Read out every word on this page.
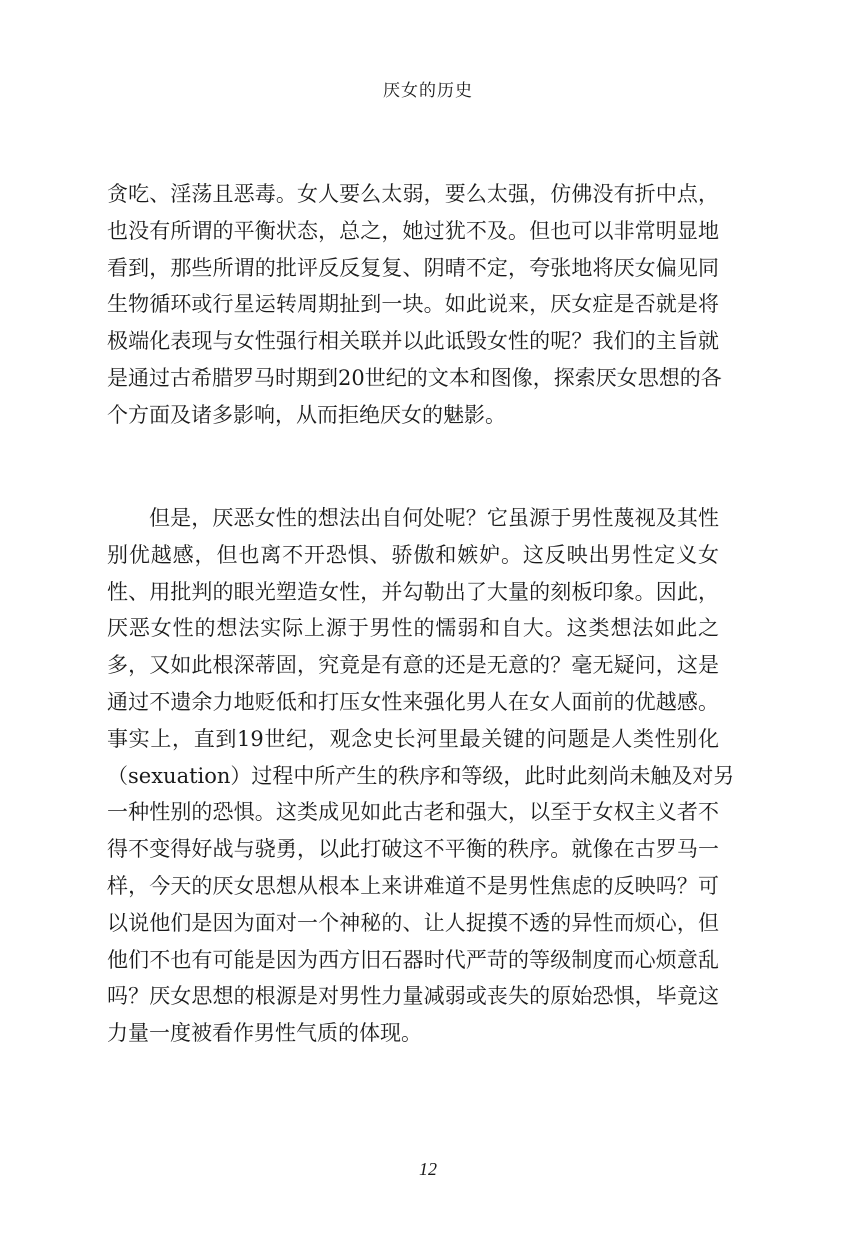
厌女的历史
贪吃、淫荡且恶毒。女人要么太弱，要么太强，仿佛没有折中点，
也没有所谓的平衡状态，总之，她过犹不及。但也可以非常明显地
看到，那些所谓的批评反反复复、阴晴不定，夸张地将厌女偏见同
生物循环或行星运转周期扯到一块。如此说来，厌女症是否就是将
极端化表现与女性强行相关联并以此诋毁女性的呢？我们的主旨就
是通过古希腊罗马时期到20世纪的文本和图像，探索厌女思想的各
个方面及诸多影响，从而拒绝厌女的魅影。
但是，厌恶女性的想法出自何处呢？它虽源于男性蔑视及其性
别优越感，但也离不开恐惧、骄傲和嫉妒。这反映出男性定义女
性、用批判的眼光塑造女性，并勾勒出了大量的刻板印象。因此，
厌恶女性的想法实际上源于男性的懦弱和自大。这类想法如此之
多，又如此根深蒂固，究竟是有意的还是无意的？毫无疑问，这是
通过不遗余力地贬低和打压女性来强化男人在女人面前的优越感。
事实上，直到19世纪，观念史长河里最关键的问题是人类性别化
（sexuation）过程中所产生的秩序和等级，此时此刻尚未触及对另
一种性别的恐惧。这类成见如此古老和强大，以至于女权主义者不
得不变得好战与骁勇，以此打破这不平衡的秩序。就像在古罗马一
样，今天的厌女思想从根本上来讲难道不是男性焦虑的反映吗？可
以说他们是因为面对一个神秘的、让人捉摸不透的异性而烦心，但
他们不也有可能是因为西方旧石器时代严苛的等级制度而心烦意乱
吗？厌女思想的根源是对男性力量减弱或丧失的原始恐惧，毕竟这
力量一度被看作男性气质的体现。
12
